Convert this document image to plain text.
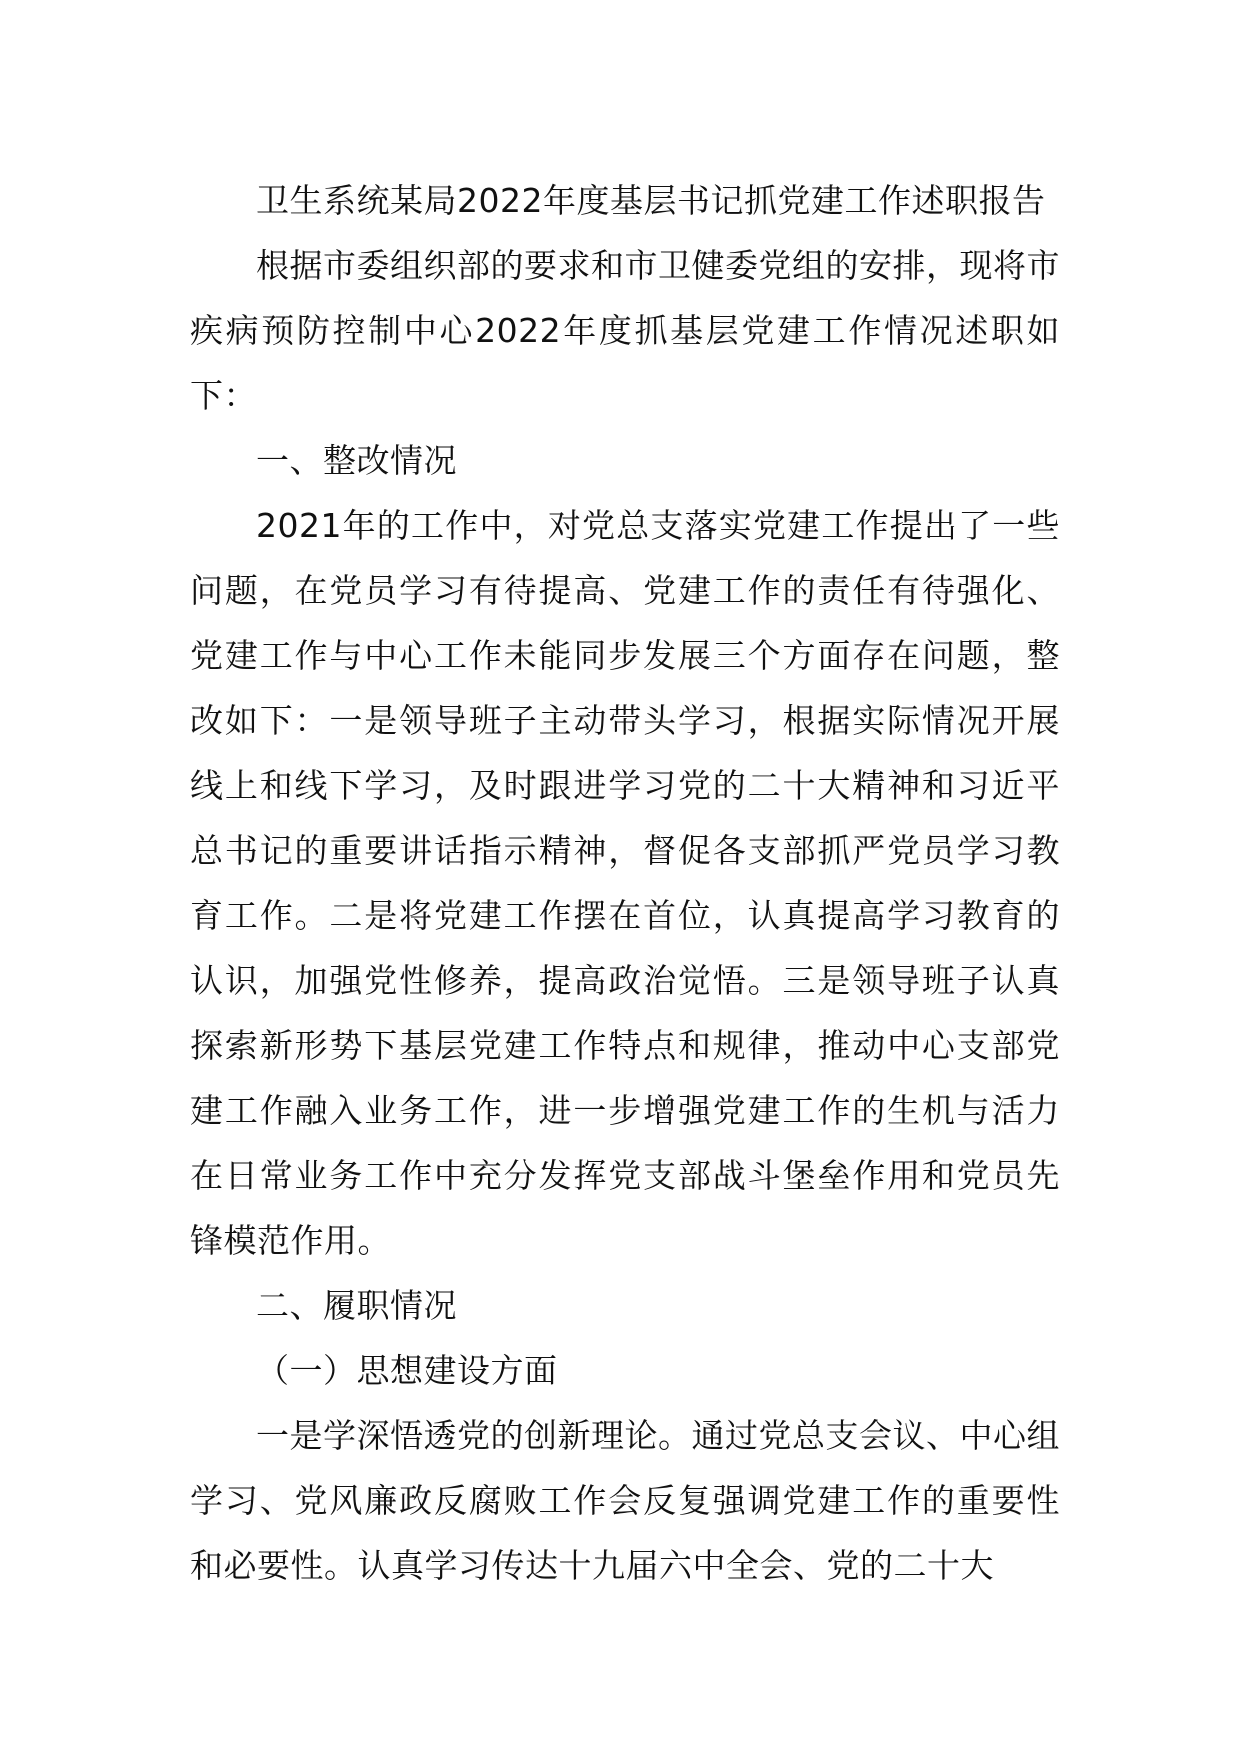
卫生系统某局2022年度基层书记抓党建工作述职报告

根据市委组织部的要求和市卫健委党组的安排，现将市疾病预防控制中心2022年度抓基层党建工作情况述职如下：

一、整改情况

2021年的工作中，对党总支落实党建工作提出了一些问题，在党员学习有待提高、党建工作的责任有待强化、党建工作与中心工作未能同步发展三个方面存在问题，整改如下：一是领导班子主动带头学习，根据实际情况开展线上和线下学习，及时跟进学习党的二十大精神和习近平总书记的重要讲话指示精神，督促各支部抓严党员学习教育工作。二是将党建工作摆在首位，认真提高学习教育的认识，加强党性修养，提高政治觉悟。三是领导班子认真探索新形势下基层党建工作特点和规律，推动中心支部党建工作融入业务工作，进一步增强党建工作的生机与活力在日常业务工作中充分发挥党支部战斗堡垒作用和党员先锋模范作用。

二、履职情况

（一）思想建设方面

一是学深悟透党的创新理论。通过党总支会议、中心组学习、党风廉政反腐败工作会反复强调党建工作的重要性和必要性。认真学习传达十九届六中全会、党的二十大
